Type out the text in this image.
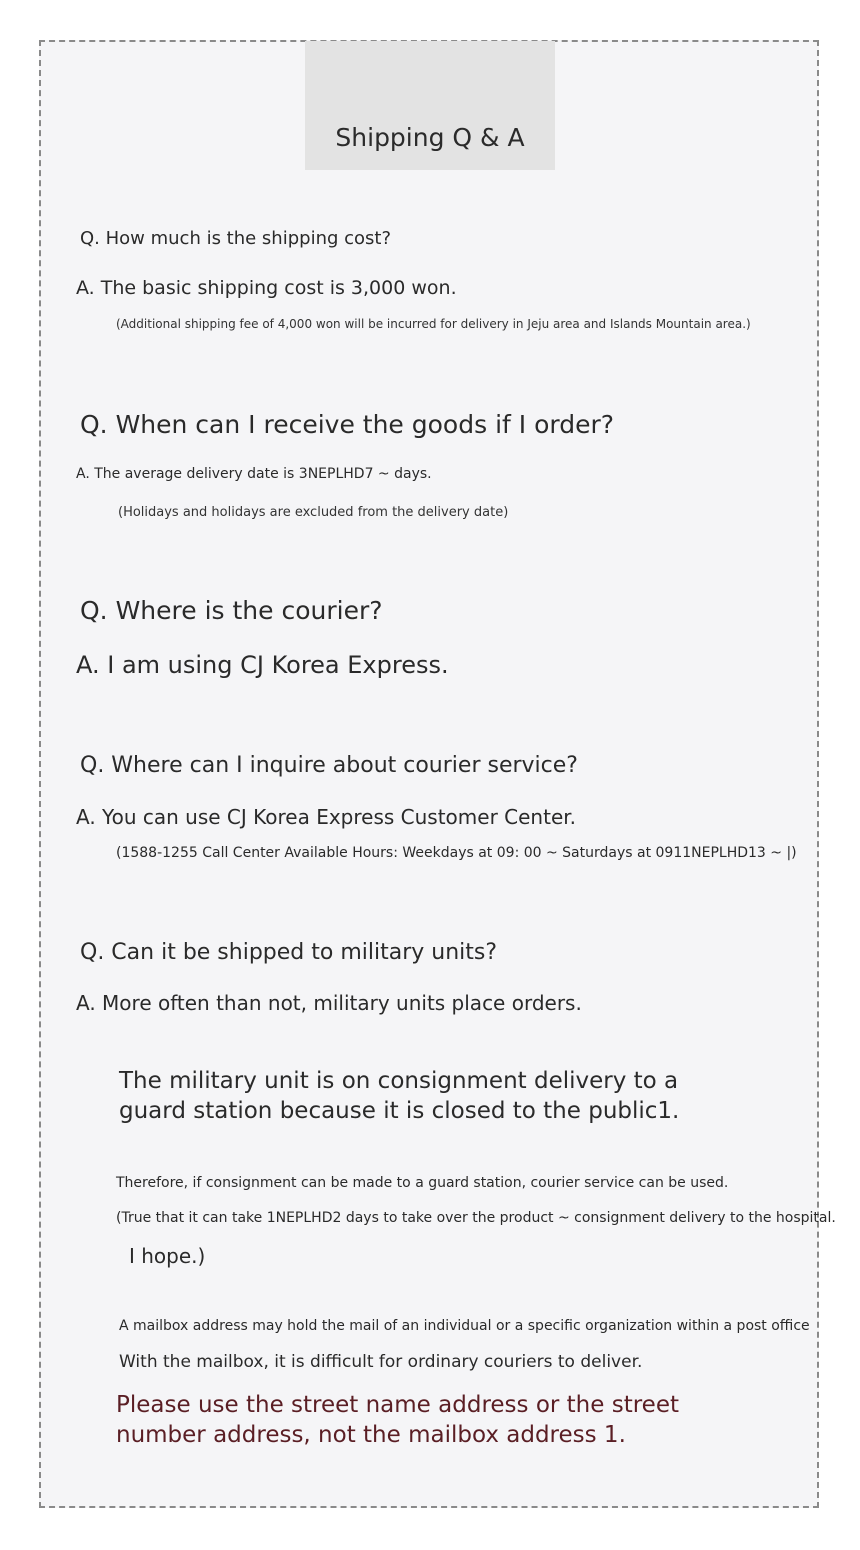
Shipping Q & A
Q. How much is the shipping cost?
A. The basic shipping cost is 3,000 won.
(Additional shipping fee of 4,000 won will be incurred for delivery in Jeju area and Islands Mountain area.)
Q. When can I receive the goods if I order?
A. The average delivery date is 3NEPLHD7 ~ days.
(Holidays and holidays are excluded from the delivery date)
Q. Where is the courier?
A. I am using CJ Korea Express.
Q. Where can I inquire about courier service?
A. You can use CJ Korea Express Customer Center.
(1588-1255 Call Center Available Hours: Weekdays at 09: 00 ~ Saturdays at 0911NEPLHD13 ~ |)
Q. Can it be shipped to military units?
A. More often than not, military units place orders.
The military unit is on consignment delivery to a guard station because it is closed to the public1.
Therefore, if consignment can be made to a guard station, courier service can be used.
(True that it can take 1NEPLHD2 days to take over the product ~ consignment delivery to the hospital.
I hope.)
A mailbox address may hold the mail of an individual or a specific organization within a post office
With the mailbox, it is difficult for ordinary couriers to deliver.
Please use the street name address or the street number address, not the mailbox address 1.
